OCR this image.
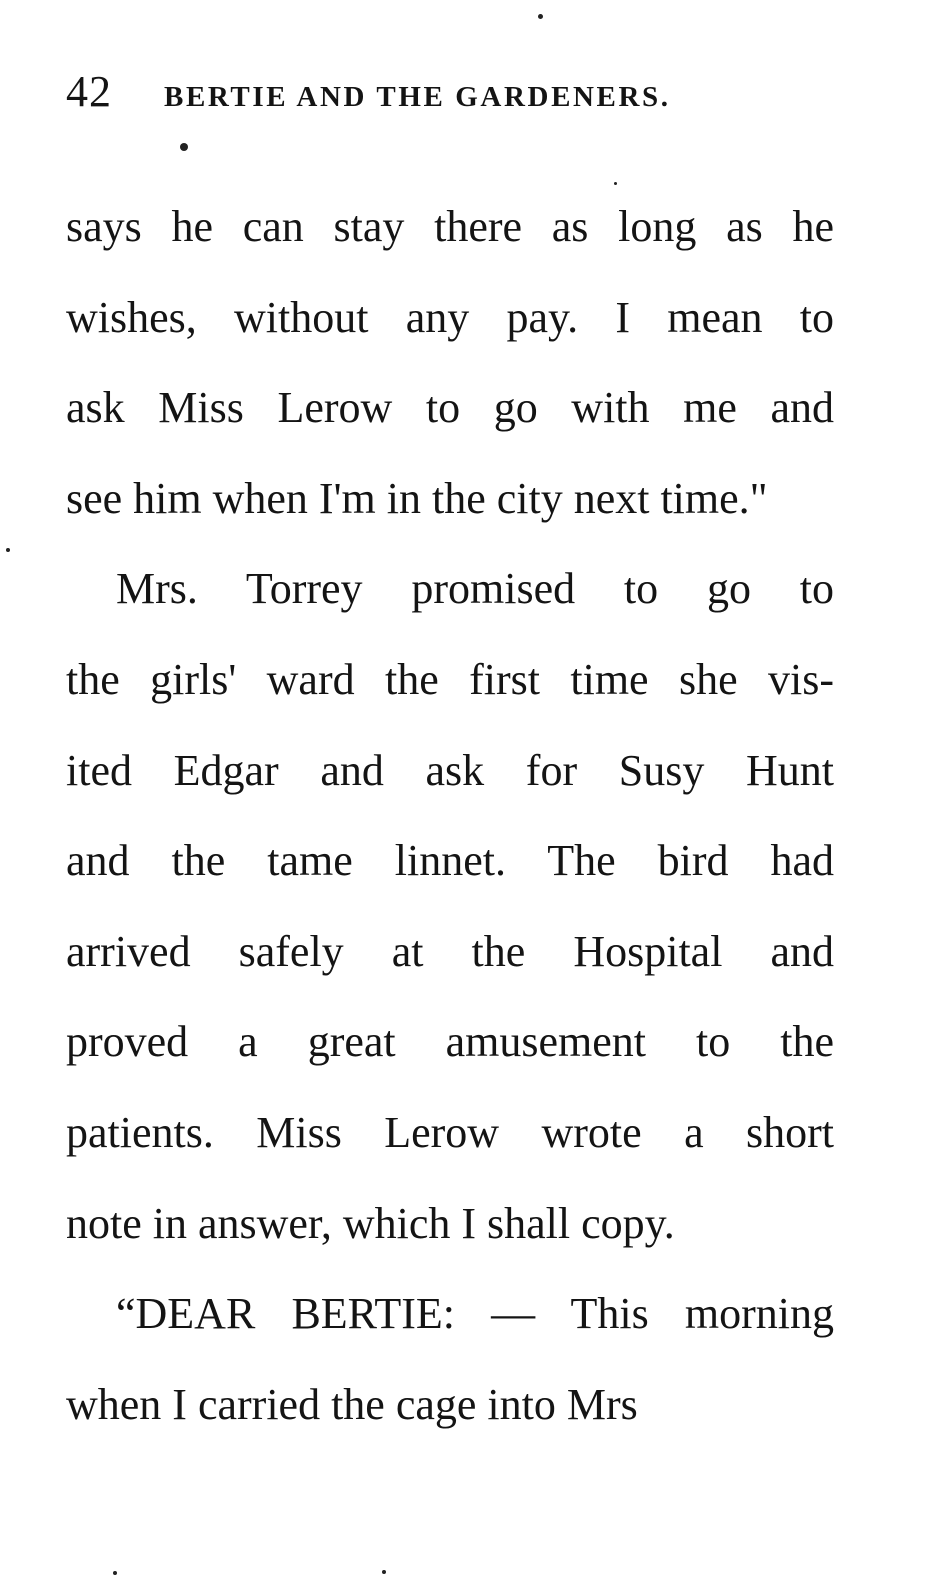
42 BERTIE AND THE GARDENERS.
says he can stay there as long as he
wishes, without any pay. I mean to
ask Miss Lerow to go with me and
see him when I'm in the city next time."
Mrs. Torrey promised to go to
the girls' ward the first time she vis-
ited Edgar and ask for Susy Hunt
and the tame linnet. The bird had
arrived safely at the Hospital and
proved a great amusement to the
patients. Miss Lerow wrote a short
note in answer, which I shall copy.
“DEAR BERTIE: — This morning
when I carried the cage into Mrs
